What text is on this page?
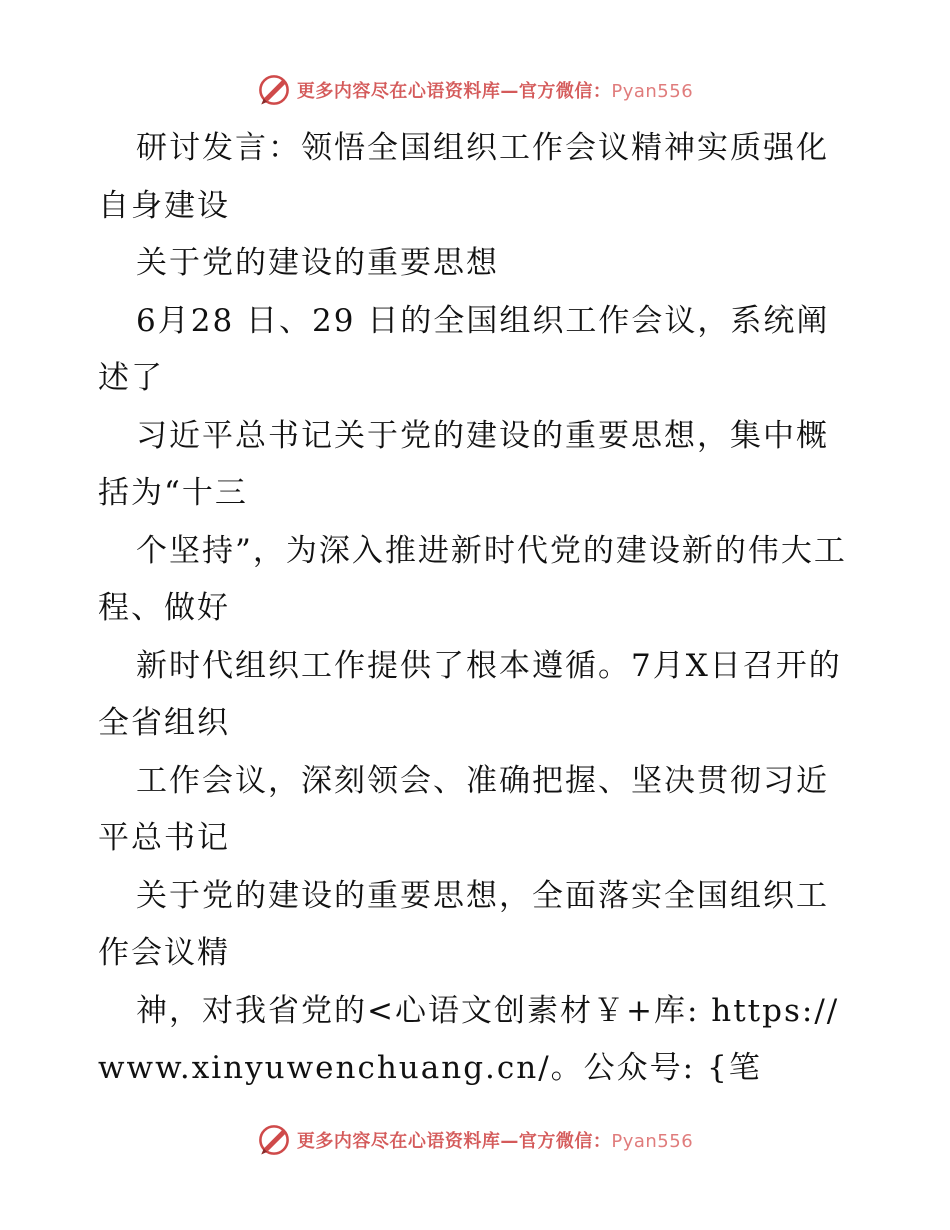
更多内容尽在心语资料库—官方微信：Pyan556

研讨发言：领悟全国组织工作会议精神实质强化自身建设

关于党的建设的重要思想

6月28 日、29 日的全国组织工作会议，系统阐述了

习近平总书记关于党的建设的重要思想，集中概括为“十三

个坚持”，为深入推进新时代党的建设新的伟大工程、做好

新时代组织工作提供了根本遵循。7月X日召开的全省组织

工作会议，深刻领会、准确把握、坚决贯彻习近平总书记

关于党的建设的重要思想，全面落实全国组织工作会议精

神，对我省党的<心语文创素材￥+库: https://www.xinyuwenchuang.cn/。公众号: {笔

更多内容尽在心语资料库—官方微信：Pyan556
